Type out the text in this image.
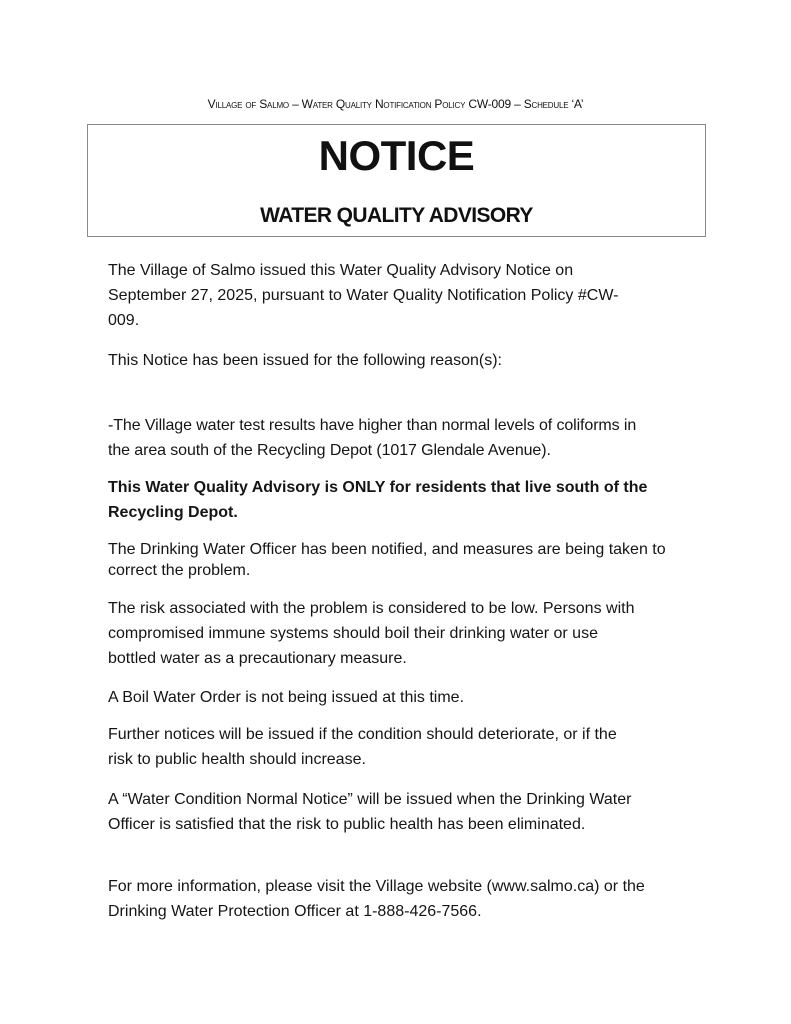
Village of Salmo – Water Quality Notification Policy CW-009 – Schedule ‘A’
NOTICE
WATER QUALITY ADVISORY
The Village of Salmo issued this Water Quality Advisory Notice on
September 27, 2025, pursuant to Water Quality Notification Policy #CW-
009.
This Notice has been issued for the following reason(s):
-The Village water test results have higher than normal levels of coliforms in
the area south of the Recycling Depot (1017 Glendale Avenue).
This Water Quality Advisory is ONLY for residents that live south of the
Recycling Depot.
The Drinking Water Officer has been notified, and measures are being taken to
correct the problem.
The risk associated with the problem is considered to be low. Persons with
compromised immune systems should boil their drinking water or use
bottled water as a precautionary measure.
A Boil Water Order is not being issued at this time.
Further notices will be issued if the condition should deteriorate, or if the
risk to public health should increase.
A “Water Condition Normal Notice” will be issued when the Drinking Water
Officer is satisfied that the risk to public health has been eliminated.
For more information, please visit the Village website (www.salmo.ca) or the
Drinking Water Protection Officer at 1-888-426-7566.
